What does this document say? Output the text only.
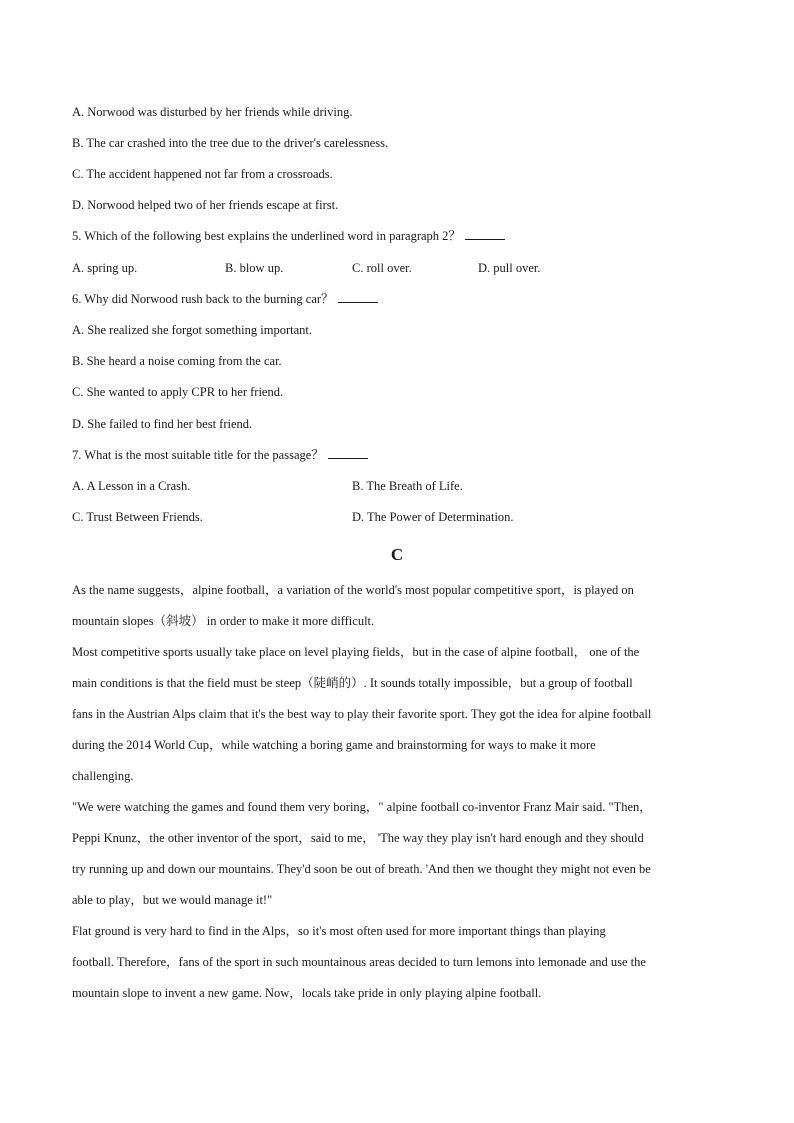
A. Norwood was disturbed by her friends while driving.
B. The car crashed into the tree due to the driver's carelessness.
C. The accident happened not far from a crossroads.
D. Norwood helped two of her friends escape at first.
5. Which of the following best explains the underlined word in paragraph 2？
A. spring up.	B. blow up.	C. roll over.	D. pull over.
6. Why did Norwood rush back to the burning car？
A. She realized she forgot something important.
B. She heard a noise coming from the car.
C. She wanted to apply CPR to her friend.
D. She failed to find her best friend.
7. What is the most suitable title for the passage？
A. A Lesson in a Crash.	B. The Breath of Life.
C. Trust Between Friends.	D. The Power of Determination.
C

As the name suggests，alpine football，a variation of the world's most popular competitive sport，is played on

mountain slopes（斜坡） in order to make it more difficult.

Most competitive sports usually take place on level playing fields，but in the case of alpine football， one of the

main conditions is that the field must be steep（陡峭的）. It sounds totally impossible，but a group of football

fans in the Austrian Alps claim that it's the best way to play their favorite sport. They got the idea for alpine football

during the 2014 World Cup，while watching a boring game and brainstorming for ways to make it more

challenging.

"We were watching the games and found them very boring，" alpine football co-inventor Franz Mair said. "Then，

Peppi Knunz，the other inventor of the sport，said to me， 'The way they play isn't hard enough and they should

try running up and down our mountains. They'd soon be out of breath. 'And then we thought they might not even be

able to play，but we would manage it!"

Flat ground is very hard to find in the Alps，so it's most often used for more important things than playing

football. Therefore，fans of the sport in such mountainous areas decided to turn lemons into lemonade and use the

mountain slope to invent a new game. Now，locals take pride in only playing alpine football.
